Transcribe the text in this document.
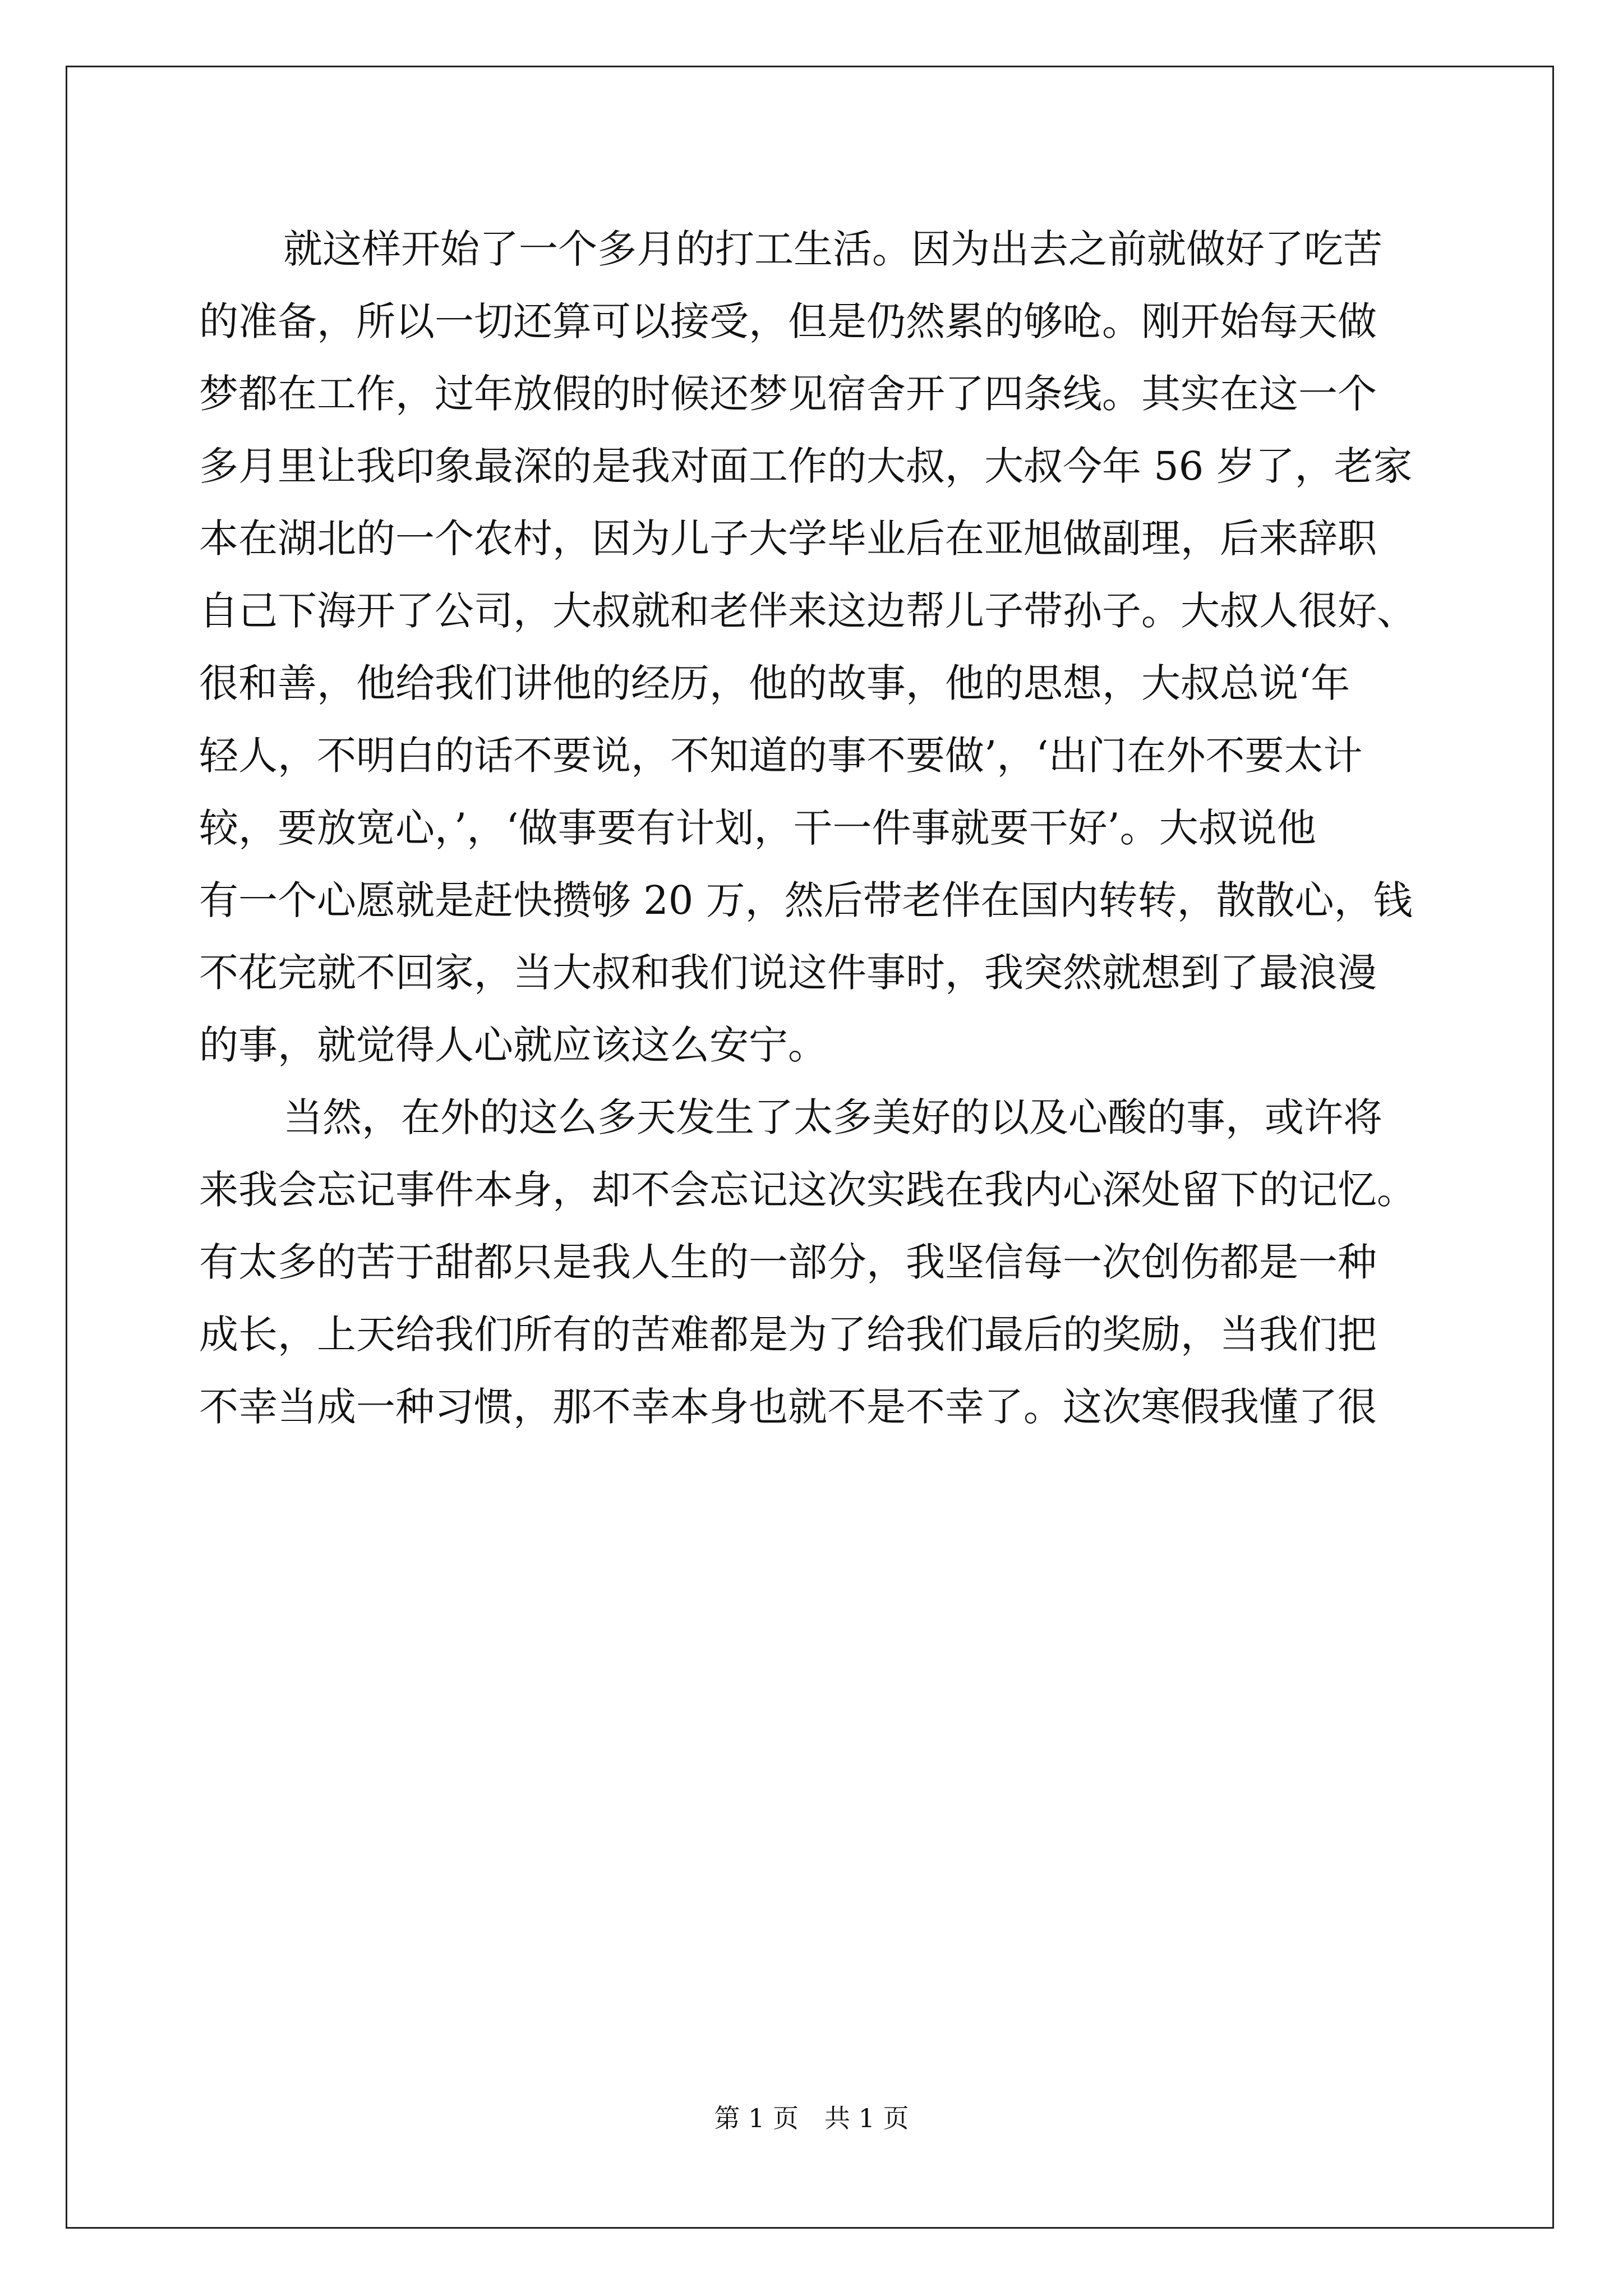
就这样开始了一个多月的打工生活。因为出去之前就做好了吃苦
的准备，所以一切还算可以接受，但是仍然累的够呛。刚开始每天做
梦都在工作，过年放假的时候还梦见宿舍开了四条线。其实在这一个
多月里让我印象最深的是我对面工作的大叔，大叔今年 56 岁了，老家
本在湖北的一个农村，因为儿子大学毕业后在亚旭做副理，后来辞职
自己下海开了公司，大叔就和老伴来这边帮儿子带孙子。大叔人很好、
很和善，他给我们讲他的经历，他的故事，他的思想，大叔总说‘年
轻人，不明白的话不要说，不知道的事不要做’，‘出门在外不要太计
较，要放宽心，’，‘做事要有计划，干一件事就要干好’。大叔说他
有一个心愿就是赶快攒够 20 万，然后带老伴在国内转转，散散心，钱
不花完就不回家，当大叔和我们说这件事时，我突然就想到了最浪漫
的事，就觉得人心就应该这么安宁。
当然，在外的这么多天发生了太多美好的以及心酸的事，或许将
来我会忘记事件本身，却不会忘记这次实践在我内心深处留下的记忆。
有太多的苦于甜都只是我人生的一部分，我坚信每一次创伤都是一种
成长，上天给我们所有的苦难都是为了给我们最后的奖励，当我们把
不幸当成一种习惯，那不幸本身也就不是不幸了。这次寒假我懂了很
第 1 页　共 1 页
